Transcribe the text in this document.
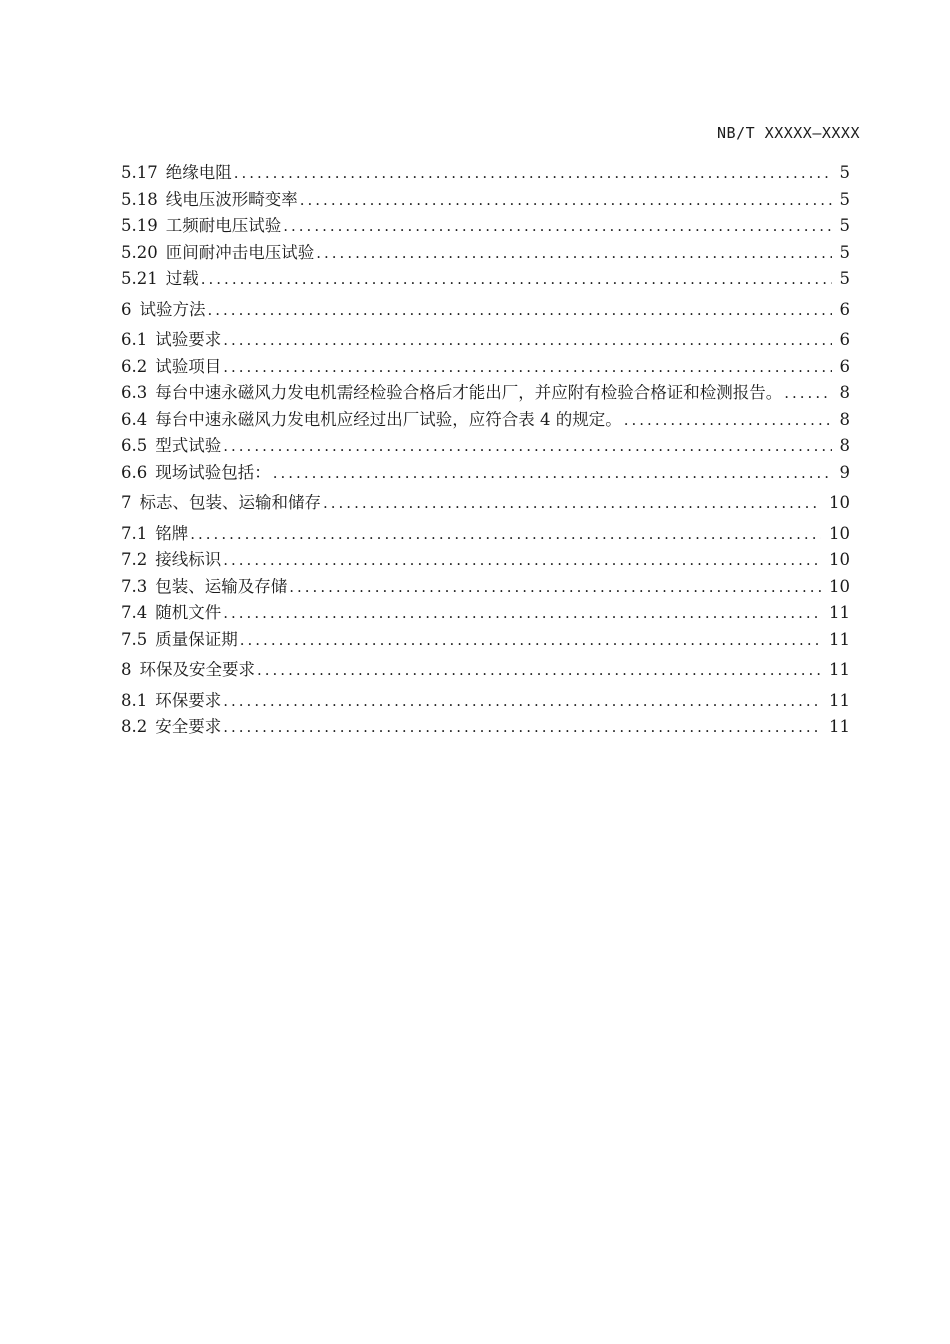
NB/T XXXXX—XXXX
5.17 绝缘电阻 .....	5
5.18 线电压波形畸变率 .....	5
5.19 工频耐电压试验 .....	5
5.20 匝间耐冲击电压试验 .....	5
5.21 过载 .....	5
6 试验方法 .....	6
6.1 试验要求 .....	6
6.2 试验项目 .....	6
6.3 每台中速永磁风力发电机需经检验合格后才能出厂，并应附有检验合格证和检测报告。 .....	8
6.4 每台中速永磁风力发电机应经过出厂试验，应符合表 4 的规定。 .....	8
6.5 型式试验 .....	8
6.6 现场试验包括： .....	9
7 标志、包装、运输和储存 .....	10
7.1 铭牌 .....	10
7.2 接线标识 .....	10
7.3 包装、运输及存储 .....	10
7.4 随机文件 .....	11
7.5 质量保证期 .....	11
8 环保及安全要求 .....	11
8.1 环保要求 .....	11
8.2 安全要求 .....	11
